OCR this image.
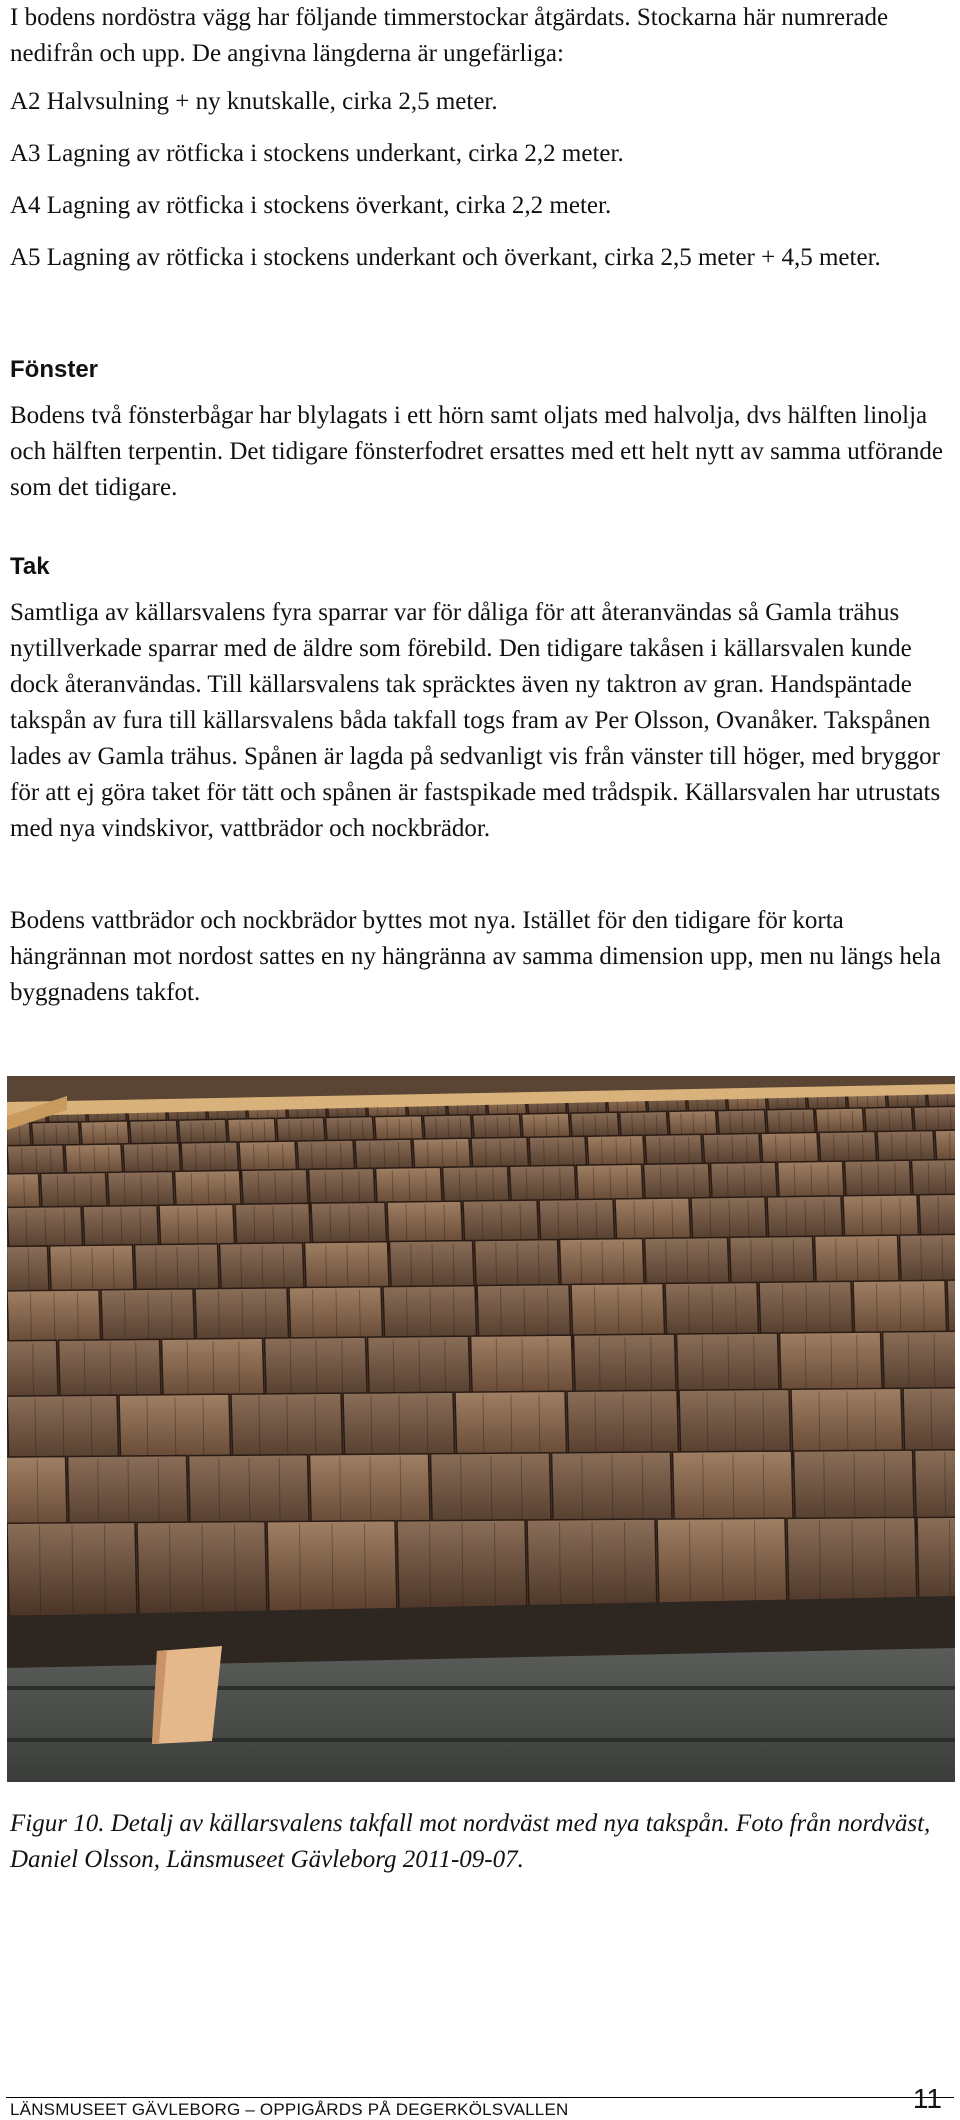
I bodens nordöstra vägg har följande timmerstockar åtgärdats. Stockarna här numrerade nedifrån och upp. De angivna längderna är ungefärliga:

A2 Halvsulning + ny knutskalle, cirka 2,5 meter.

A3 Lagning av rötficka i stockens underkant, cirka 2,2 meter.

A4 Lagning av rötficka i stockens överkant, cirka 2,2 meter.

A5 Lagning av rötficka i stockens underkant och överkant, cirka 2,5 meter + 4,5 meter.

Fönster

Bodens två fönsterbågar har blylagats i ett hörn samt oljats med halvolja, dvs hälften linolja och hälften terpentin. Det tidigare fönsterfodret ersattes med ett helt nytt av samma utförande som det tidigare.

Tak

Samtliga av källarsvalens fyra sparrar var för dåliga för att återanvändas så Gamla trähus nytillverkade sparrar med de äldre som förebild. Den tidigare takåsen i källarsvalen kunde dock återanvändas. Till källarsvalens tak spräcktes även ny taktron av gran. Handspäntade takspån av fura till källarsvalens båda takfall togs fram av Per Olsson, Ovanåker. Takspånen lades av Gamla trähus. Spånen är lagda på sedvanligt vis från vänster till höger, med bryggor för att ej göra taket för tätt och spånen är fastspikade med trådspik. Källarsvalen har utrustats med nya vindskivor, vattbrädor och nockbrädor.

Bodens vattbrädor och nockbrädor byttes mot nya. Istället för den tidigare för korta hängrännan mot nordost sattes en ny hängränna av samma dimension upp, men nu längs hela byggnadens takfot.

Figur 10. Detalj av källarsvalens takfall mot nordväst med nya takspån. Foto från nordväst, Daniel Olsson, Länsmuseet Gävleborg 2011-09-07.

LÄNSMUSEET GÄVLEBORG – OPPIGÅRDS PÅ DEGERKÖLSVALLEN	11
